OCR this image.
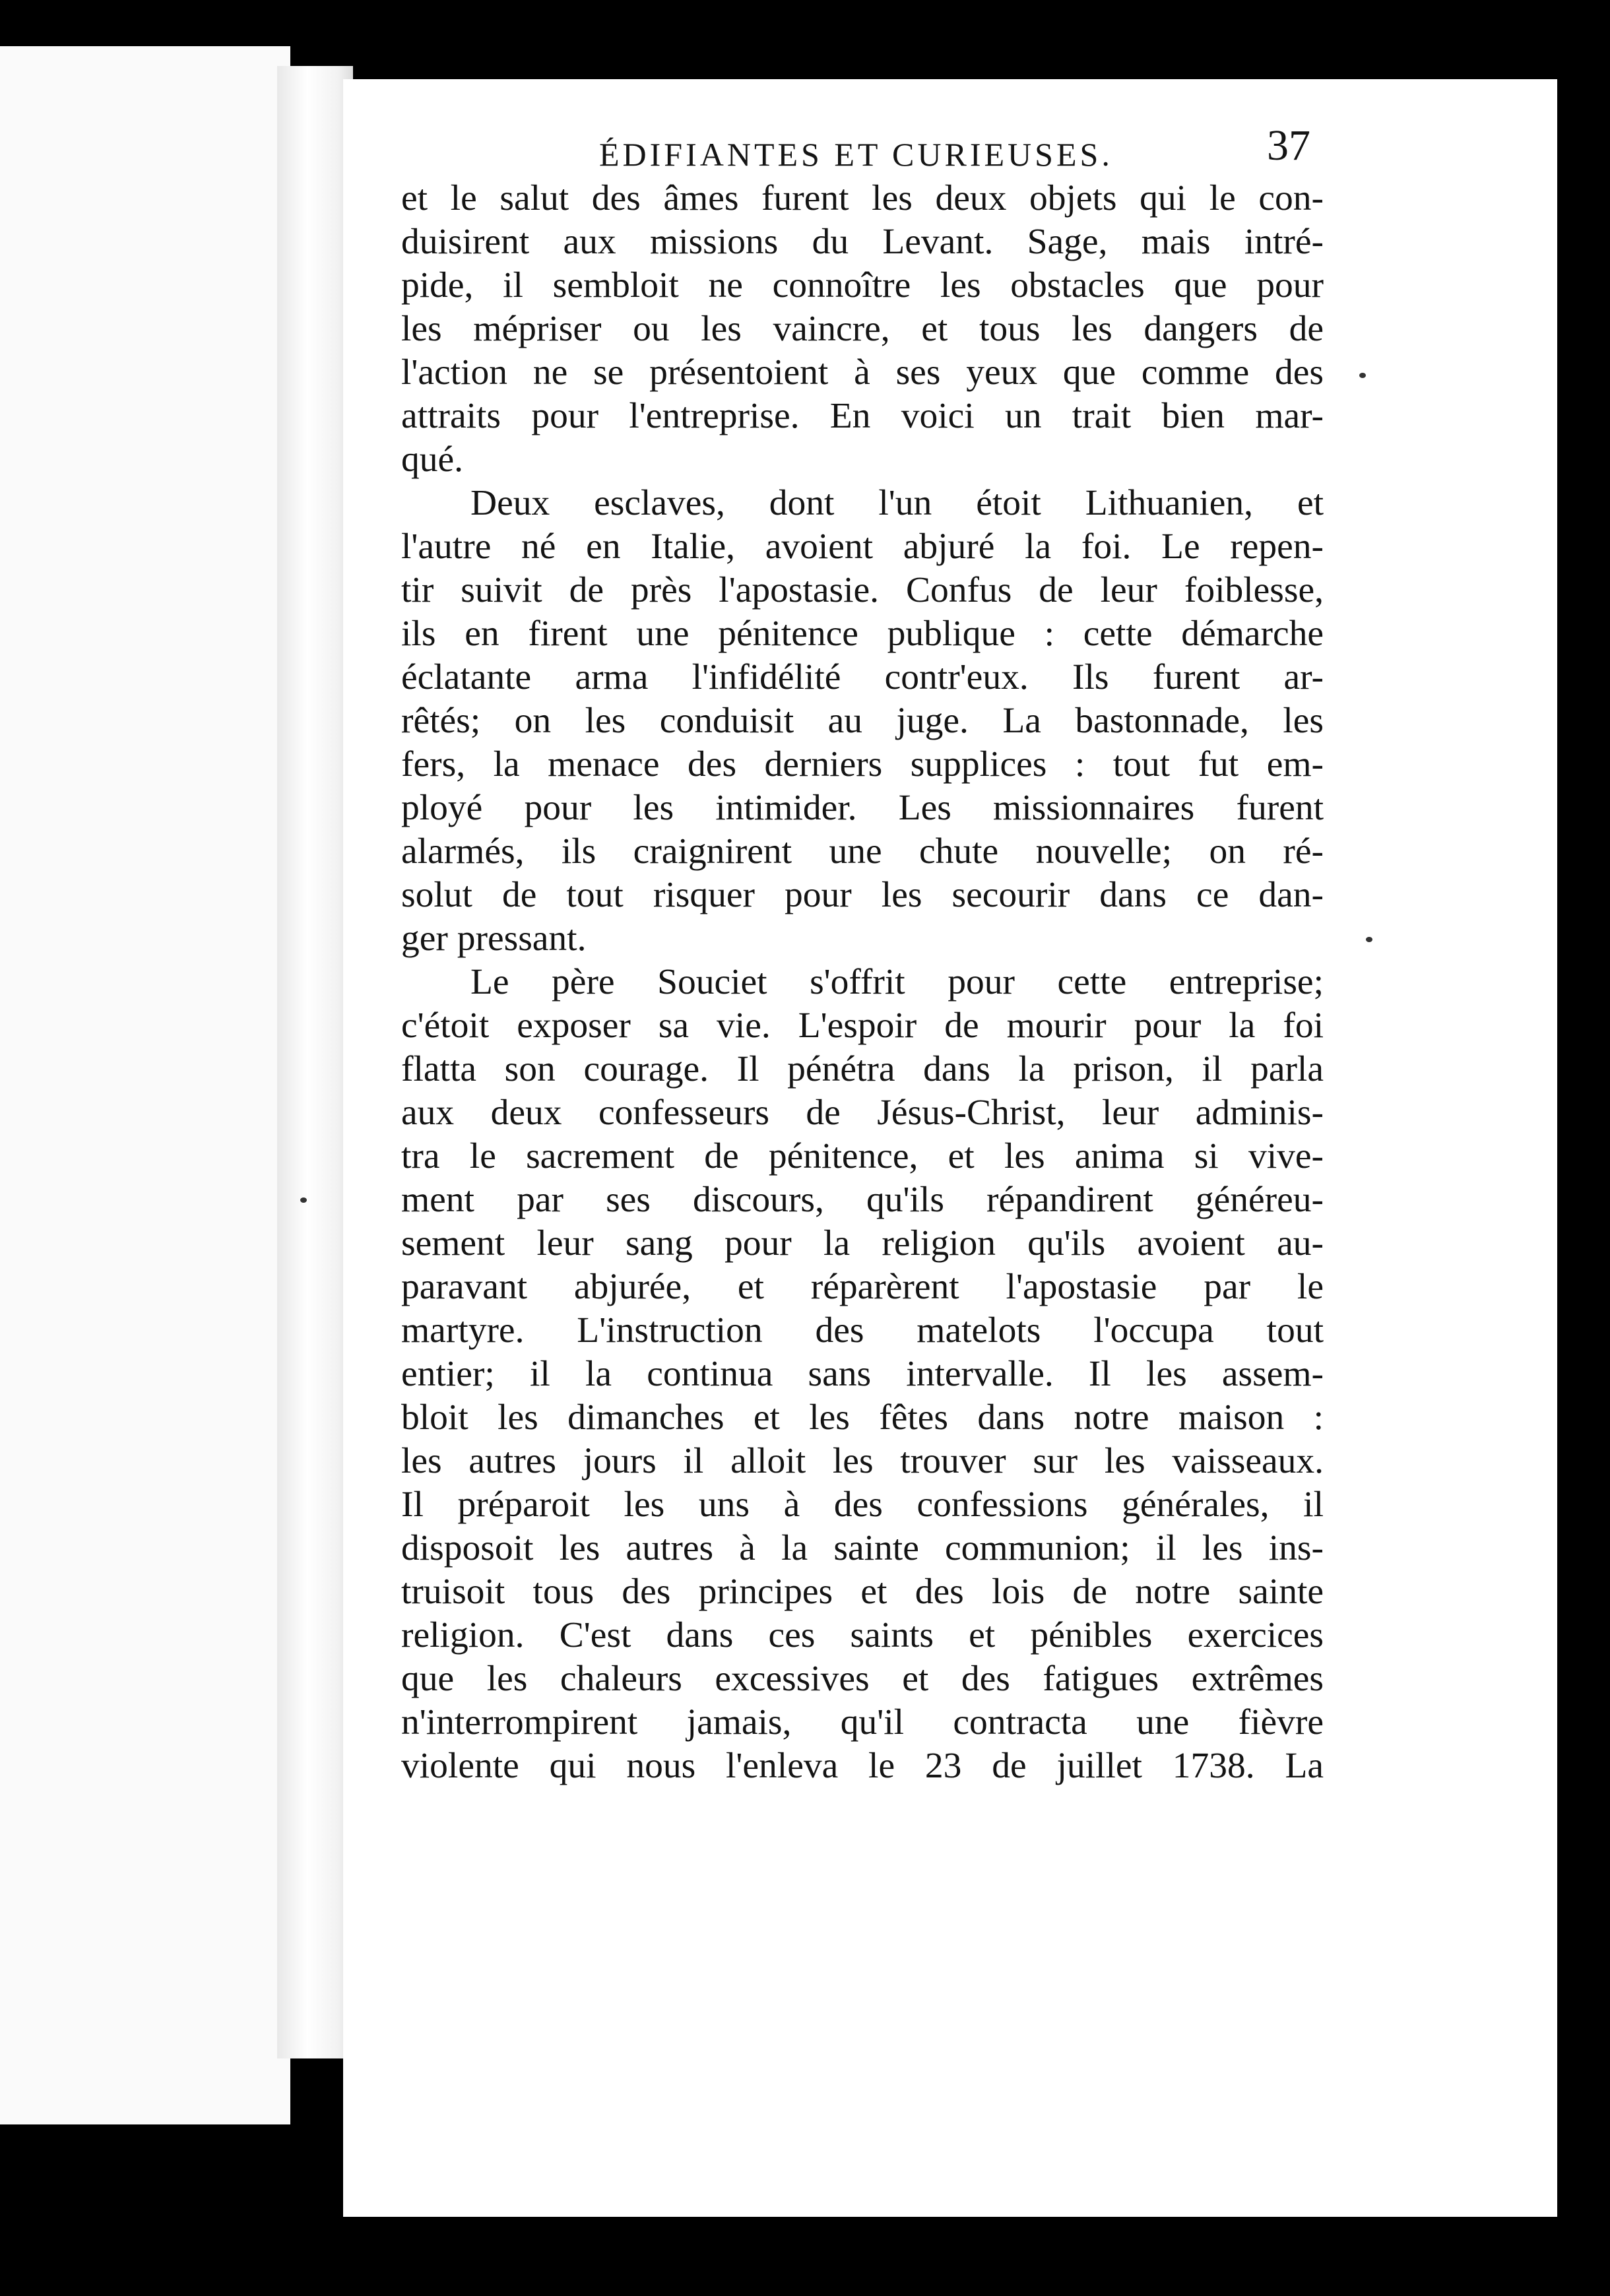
ÉDIFIANTES ET CURIEUSES.	37
et le salut des âmes furent les deux objets qui le con-
duisirent aux missions du Levant. Sage, mais intré-
pide, il sembloit ne connoître les obstacles que pour
les mépriser ou les vaincre, et tous les dangers de
l'action ne se présentoient à ses yeux que comme des
attraits pour l'entreprise. En voici un trait bien mar-
qué.
Deux esclaves, dont l'un étoit Lithuanien, et
l'autre né en Italie, avoient abjuré la foi. Le repen-
tir suivit de près l'apostasie. Confus de leur foiblesse,
ils en firent une pénitence publique : cette démarche
éclatante arma l'infidélité contr'eux. Ils furent ar-
rêtés; on les conduisit au juge. La bastonnade, les
fers, la menace des derniers supplices : tout fut em-
ployé pour les intimider. Les missionnaires furent
alarmés, ils craignirent une chute nouvelle; on ré-
solut de tout risquer pour les secourir dans ce dan-
ger pressant.
Le père Souciet s'offrit pour cette entreprise;
c'étoit exposer sa vie. L'espoir de mourir pour la foi
flatta son courage. Il pénétra dans la prison, il parla
aux deux confesseurs de Jésus-Christ, leur adminis-
tra le sacrement de pénitence, et les anima si vive-
ment par ses discours, qu'ils répandirent généreu-
sement leur sang pour la religion qu'ils avoient au-
paravant abjurée, et réparèrent l'apostasie par le
martyre. L'instruction des matelots l'occupa tout
entier; il la continua sans intervalle. Il les assem-
bloit les dimanches et les fêtes dans notre maison :
les autres jours il alloit les trouver sur les vaisseaux.
Il préparoit les uns à des confessions générales, il
disposoit les autres à la sainte communion; il les ins-
truisoit tous des principes et des lois de notre sainte
religion. C'est dans ces saints et pénibles exercices
que les chaleurs excessives et des fatigues extrêmes
n'interrompirent jamais, qu'il contracta une fièvre
violente qui nous l'enleva le 23 de juillet 1738. La
